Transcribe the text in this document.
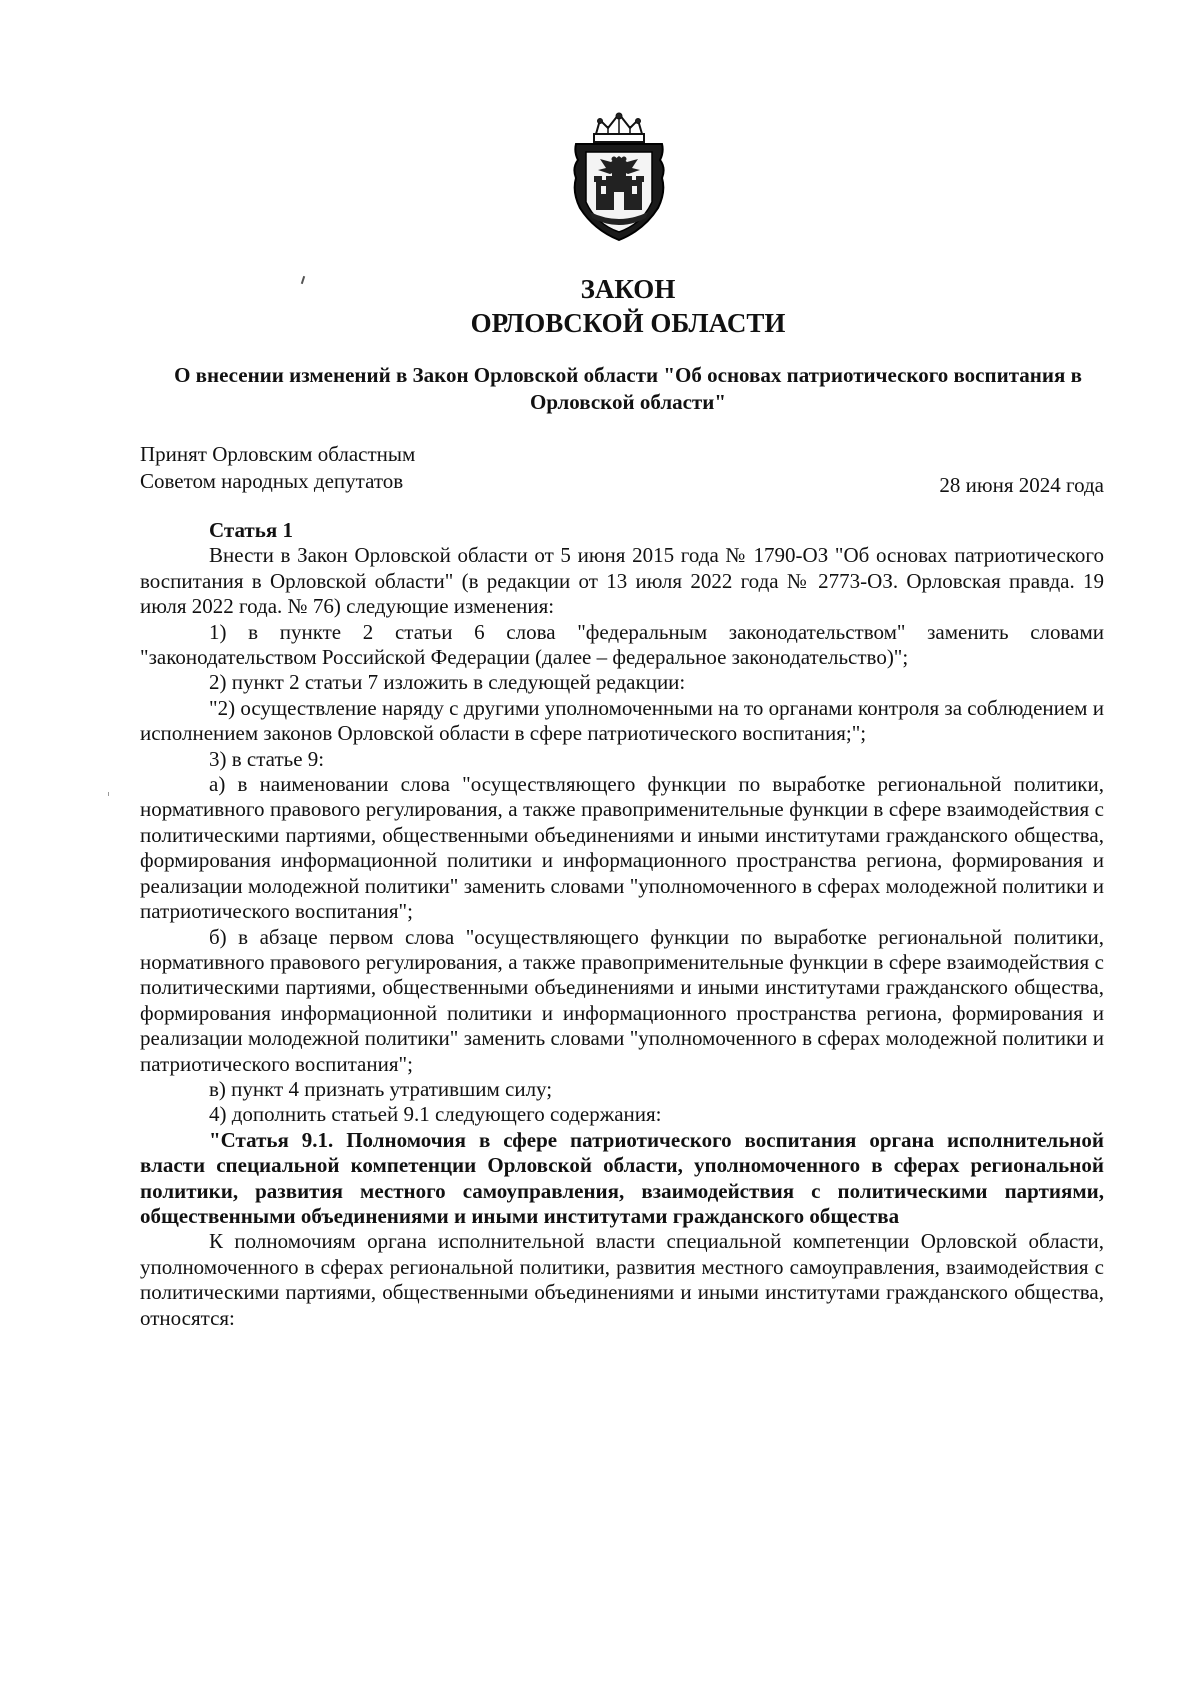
ЗАКОН
ОРЛОВСКОЙ ОБЛАСТИ
О внесении изменений в Закон Орловской области "Об основах патриотического воспитания в Орловской области"
Принят Орловским областным
Советом народных депутатов	28 июня 2024 года

Статья 1

Внести в Закон Орловской области от 5 июня 2015 года № 1790-ОЗ "Об основах патриотического воспитания в Орловской области" (в редакции от 13 июля 2022 года № 2773-ОЗ. Орловская правда. 19 июля 2022 года. № 76) следующие изменения:

1) в пункте 2 статьи 6 слова "федеральным законодательством" заменить словами "законодательством Российской Федерации (далее – федеральное законодательство)";

2) пункт 2 статьи 7 изложить в следующей редакции:

"2) осуществление наряду с другими уполномоченными на то органами контроля за соблюдением и исполнением законов Орловской области в сфере патриотического воспитания;";

3) в статье 9:

а) в наименовании слова "осуществляющего функции по выработке региональной политики, нормативного правового регулирования, а также правоприменительные функции в сфере взаимодействия с политическими партиями, общественными объединениями и иными институтами гражданского общества, формирования информационной политики и информационного пространства региона, формирования и реализации молодежной политики" заменить словами "уполномоченного в сферах молодежной политики и патриотического воспитания";

б) в абзаце первом слова "осуществляющего функции по выработке региональной политики, нормативного правового регулирования, а также правоприменительные функции в сфере взаимодействия с политическими партиями, общественными объединениями и иными институтами гражданского общества, формирования информационной политики и информационного пространства региона, формирования и реализации молодежной политики" заменить словами "уполномоченного в сферах молодежной политики и патриотического воспитания";

в) пункт 4 признать утратившим силу;

4) дополнить статьей 9.1 следующего содержания:

"Статья 9.1. Полномочия в сфере патриотического воспитания органа исполнительной власти специальной компетенции Орловской области, уполномоченного в сферах региональной политики, развития местного самоуправления, взаимодействия с политическими партиями, общественными объединениями и иными институтами гражданского общества

К полномочиям органа исполнительной власти специальной компетенции Орловской области, уполномоченного в сферах региональной политики, развития местного самоуправления, взаимодействия с политическими партиями, общественными объединениями и иными институтами гражданского общества, относятся:
